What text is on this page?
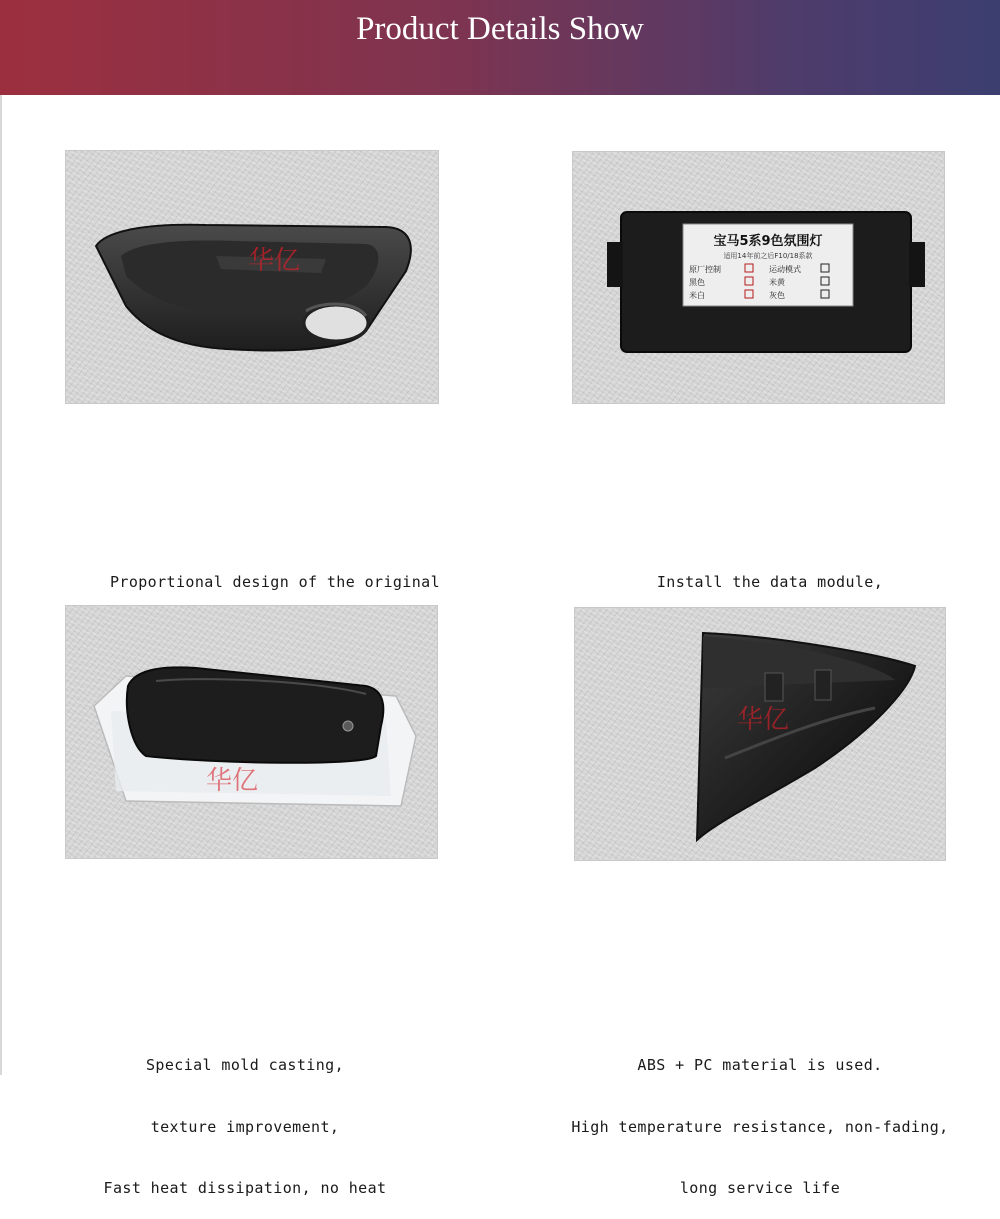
Product Details Show
华亿
宝马5系9色氛围灯
适用14年前之后F10/18系款
原厂控制	运动模式
黑色	米黄
米白	灰色

Proportional design of the original

	Install the data module,

华亿
华亿

Special mold casting,

texture improvement,

Fast heat dissipation, no heat

ABS + PC material is used.

High temperature resistance, non-fading,

long service life
